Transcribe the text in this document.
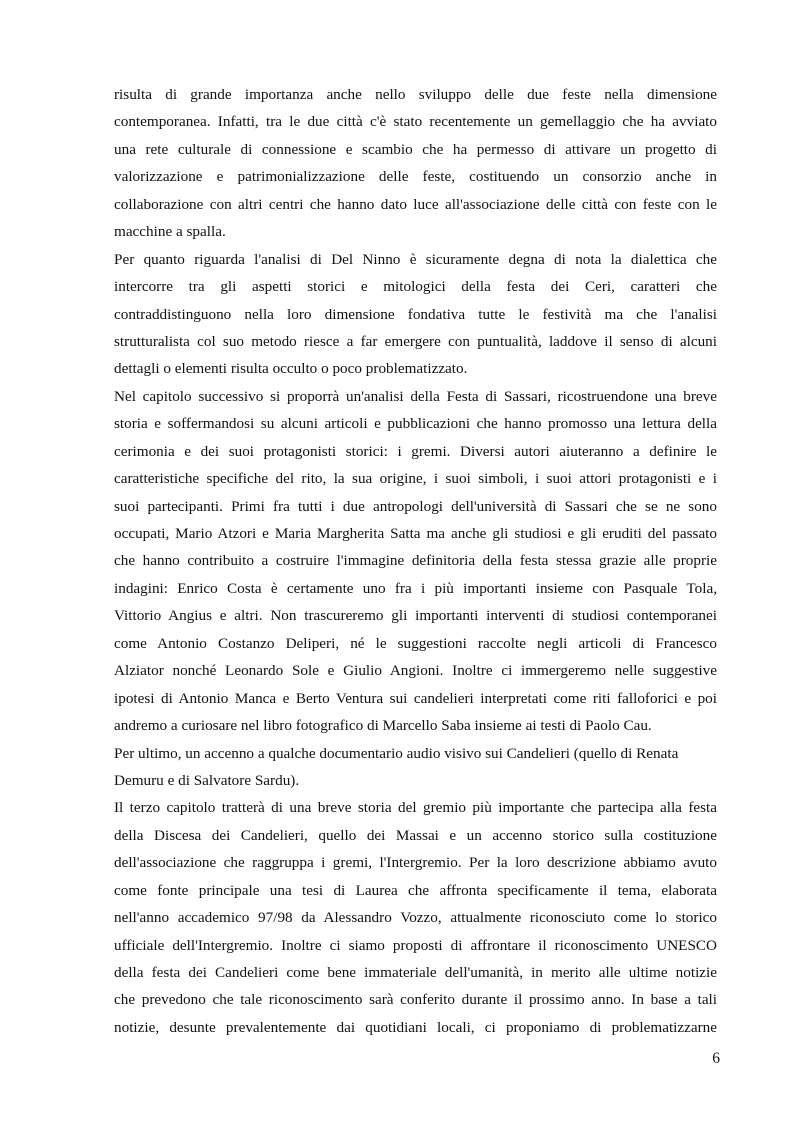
risulta di grande importanza anche nello sviluppo delle due feste nella dimensione
contemporanea. Infatti, tra le due città c'è stato recentemente un gemellaggio che ha avviato
una rete culturale di connessione e scambio che ha permesso di attivare un progetto di
valorizzazione e patrimonializzazione delle feste, costituendo un consorzio anche in
collaborazione con altri centri che hanno dato luce all'associazione delle città con feste con le
macchine a spalla.
Per quanto riguarda l'analisi di Del Ninno è sicuramente degna di nota la dialettica che
intercorre tra gli aspetti storici e mitologici della festa dei Ceri, caratteri che
contraddistinguono nella loro dimensione fondativa tutte le festività ma che l'analisi
strutturalista col suo metodo riesce a far emergere con puntualità, laddove il senso di alcuni
dettagli o elementi risulta occulto o poco problematizzato.
Nel capitolo successivo si proporrà un'analisi della Festa di Sassari, ricostruendone una breve
storia e soffermandosi su alcuni articoli e pubblicazioni che hanno promosso una lettura della
cerimonia e dei suoi protagonisti storici: i gremi. Diversi autori aiuteranno a definire le
caratteristiche specifiche del rito, la sua origine, i suoi simboli, i suoi attori protagonisti e i
suoi partecipanti. Primi fra tutti i due antropologi dell'università di Sassari che se ne sono
occupati, Mario Atzori e Maria Margherita Satta ma anche gli studiosi e gli eruditi del passato
che hanno contribuito a costruire l'immagine definitoria della festa stessa grazie alle proprie
indagini: Enrico Costa è certamente uno fra i più importanti insieme con Pasquale Tola,
Vittorio Angius e altri. Non trascureremo gli importanti interventi di studiosi contemporanei
come Antonio Costanzo Deliperi, né le suggestioni raccolte negli articoli di Francesco
Alziator nonché Leonardo Sole e Giulio Angioni. Inoltre ci immergeremo nelle suggestive
ipotesi di Antonio Manca e Berto Ventura sui candelieri interpretati come riti falloforici e poi
andremo a curiosare nel libro fotografico di Marcello Saba insieme ai testi di Paolo Cau.
Per ultimo, un accenno a qualche documentario audio visivo sui Candelieri (quello di Renata
Demuru e di Salvatore Sardu).
Il terzo capitolo tratterà di una breve storia del gremio più importante che partecipa alla festa
della Discesa dei Candelieri, quello dei Massai e un accenno storico sulla costituzione
dell'associazione che raggruppa i gremi, l'Intergremio. Per la loro descrizione abbiamo avuto
come fonte principale una tesi di Laurea che affronta specificamente il tema, elaborata
nell'anno accademico 97/98 da Alessandro Vozzo, attualmente riconosciuto come lo storico
ufficiale dell'Intergremio. Inoltre ci siamo proposti di affrontare il riconoscimento UNESCO
della festa dei Candelieri come bene immateriale dell'umanità, in merito alle ultime notizie
che prevedono che tale riconoscimento sarà conferito durante il prossimo anno. In base a tali
notizie, desunte prevalentemente dai quotidiani locali, ci proponiamo di problematizzarne
6
